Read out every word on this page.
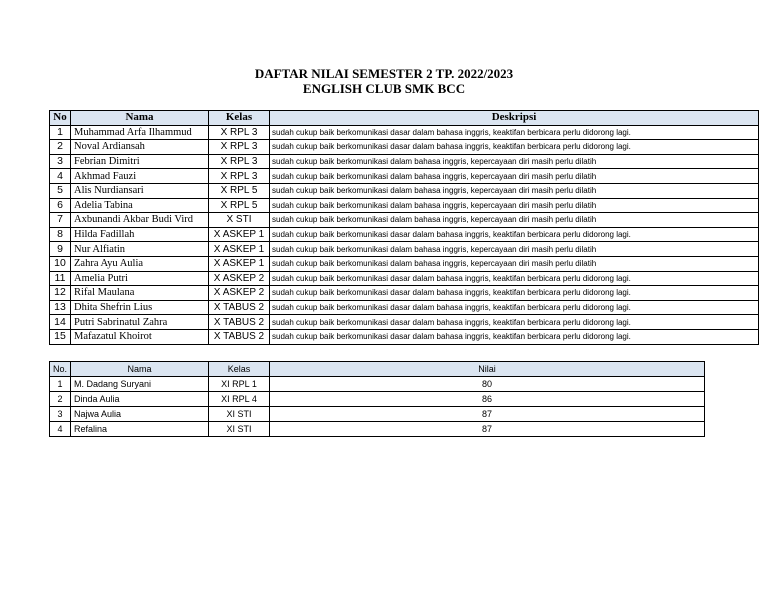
DAFTAR NILAI SEMESTER 2 TP. 2022/2023
ENGLISH CLUB SMK BCC
No	Nama	Kelas	Deskripsi
1	Muhammad Arfa Ilhammud	X RPL 3	sudah cukup baik berkomunikasi dasar dalam bahasa inggris, keaktifan berbicara perlu didorong lagi.
2	Noval Ardiansah	X RPL 3	sudah cukup baik berkomunikasi dasar dalam bahasa inggris, keaktifan berbicara perlu didorong lagi.
3	Febrian Dimitri	X RPL 3	sudah cukup baik berkomunikasi dalam bahasa inggris, kepercayaan diri masih perlu dilatih
4	Akhmad Fauzi	X RPL 3	sudah cukup baik berkomunikasi dalam bahasa inggris, kepercayaan diri masih perlu dilatih
5	Alis Nurdiansari	X RPL 5	sudah cukup baik berkomunikasi dalam bahasa inggris, kepercayaan diri masih perlu dilatih
6	Adelia Tabina	X RPL 5	sudah cukup baik berkomunikasi dalam bahasa inggris, kepercayaan diri masih perlu dilatih
7	Axbunandi Akbar Budi Vird	X STI	sudah cukup baik berkomunikasi dalam bahasa inggris, kepercayaan diri masih perlu dilatih
8	Hilda Fadillah	X ASKEP 1	sudah cukup baik berkomunikasi dasar dalam bahasa inggris, keaktifan berbicara perlu didorong lagi.
9	Nur Alfiatin	X ASKEP 1	sudah cukup baik berkomunikasi dalam bahasa inggris, kepercayaan diri masih perlu dilatih
10	Zahra Ayu Aulia	X ASKEP 1	sudah cukup baik berkomunikasi dalam bahasa inggris, kepercayaan diri masih perlu dilatih
11	Amelia Putri	X ASKEP 2	sudah cukup baik berkomunikasi dasar dalam bahasa inggris, keaktifan berbicara perlu didorong lagi.
12	Rifal Maulana	X ASKEP 2	sudah cukup baik berkomunikasi dasar dalam bahasa inggris, keaktifan berbicara perlu didorong lagi.
13	Dhita Shefrin Lius	X TABUS 2	sudah cukup baik berkomunikasi dasar dalam bahasa inggris, keaktifan berbicara perlu didorong lagi.
14	Putri Sabrinatul Zahra	X TABUS 2	sudah cukup baik berkomunikasi dasar dalam bahasa inggris, keaktifan berbicara perlu didorong lagi.
15	Mafazatul Khoirot	X TABUS 2	sudah cukup baik berkomunikasi dasar dalam bahasa inggris, keaktifan berbicara perlu didorong lagi.
No.	Nama	Kelas	Nilai
1	M. Dadang Suryani	XI RPL 1	80
2	Dinda Aulia	XI RPL 4	86
3	Najwa Aulia	XI STI	87
4	Refalina	XI STI	87
